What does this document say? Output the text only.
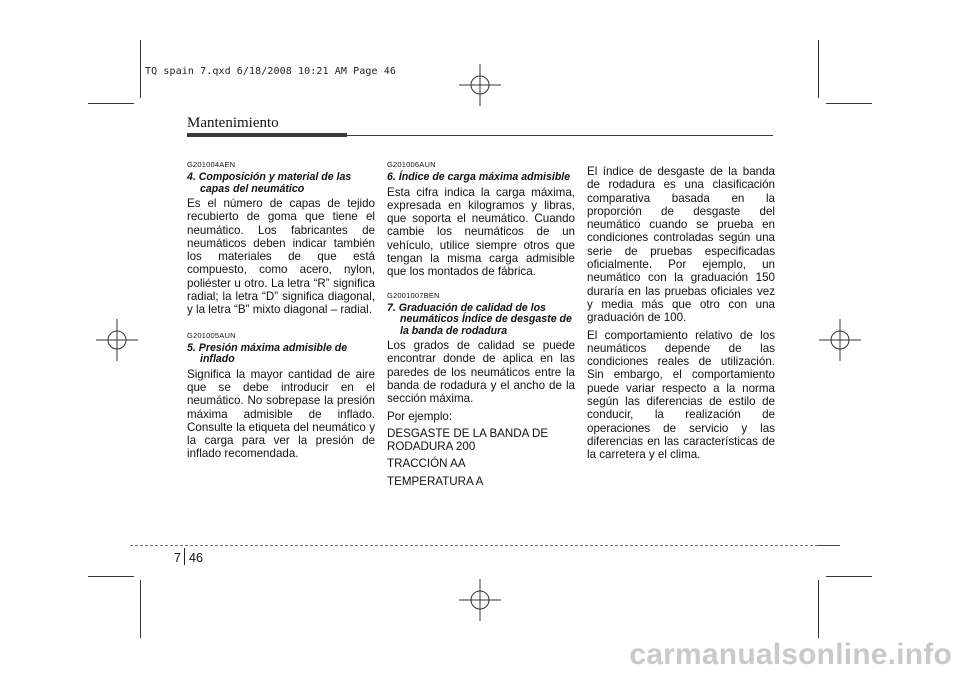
TQ spain 7.qxd 6/18/2008 10:21 AM Page 46
Mantenimiento
G201004AEN
4. Composición y material de las
capas del neumático
Es el número de capas de tejido recubierto de goma que tiene el neumático. Los fabricantes de neumáticos deben indicar también los materiales de que está compuesto, como acero, nylon, poliéster u otro. La letra “R” significa radial; la letra “D” significa diagonal, y la letra “B” mixto diagonal – radial.
G201005AUN
5. Presión máxima admisible de
inflado
Significa la mayor cantidad de aire que se debe introducir en el neumático. No sobrepase la presión máxima admisible de inflado. Consulte la etiqueta del neumático y la carga para ver la presión de inflado recomendada.
G201006AUN
6. Índice de carga máxima admisible
Esta cifra indica la carga máxima, expresada en kilogramos y libras, que soporta el neumático. Cuando cambie los neumáticos de un vehículo, utilice siempre otros que tengan la misma carga admisible que los montados de fábrica.
G2001007BEN
7. Graduación de calidad de los
neumáticos Índice de desgaste de
la banda de rodadura
Los grados de calidad se puede encontrar donde de aplica en las paredes de los neumáticos entre la banda de rodadura y el ancho de la sección máxima.
Por ejemplo:
DESGASTE DE LA BANDA DE RODADURA 200
TRACCIÓN AA
TEMPERATURA A
El índice de desgaste de la banda de rodadura es una clasificación comparativa basada en la proporción de desgaste del neumático cuando se prueba en condiciones controladas según una serie de pruebas especificadas oficialmente. Por ejemplo, un neumático con la graduación 150 duraría en las pruebas oficiales vez y media más que otro con una graduación de 100.
El comportamiento relativo de los neumáticos depende de las condiciones reales de utilización. Sin embargo, el comportamiento puede variar respecto a la norma según las diferencias de estilo de conducir, la realización de operaciones de servicio y las diferencias en las características de la carretera y el clima.
7 46
carmanualsonline.info
